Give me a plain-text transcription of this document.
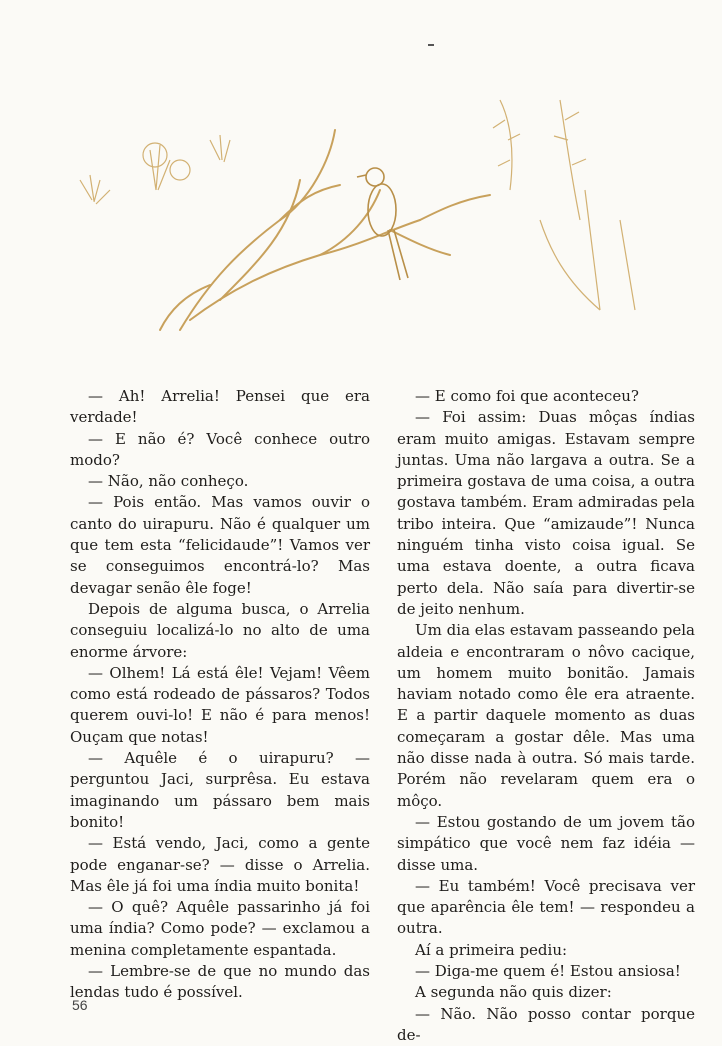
— Ah! Arrelia! Pensei que era verdade!

— E não é? Você conhece outro modo?

— Não, não conheço.

— Pois então. Mas vamos ouvir o canto do uirapuru. Não é qualquer um que tem esta “felicidaude”! Vamos ver se conseguimos encontrá-lo? Mas devagar senão êle foge!

Depois de alguma busca, o Arrelia conseguiu localizá-lo no alto de uma enorme árvore:

— Olhem! Lá está êle! Vejam! Vêem como está rodeado de pássaros? Todos querem ouvi-lo! E não é para menos! Ouçam que notas!

— Aquêle é o uirapuru? — perguntou Jaci, surprêsa. Eu estava imaginando um pássaro bem mais bonito!

— Está vendo, Jaci, como a gente pode enganar-se? — disse o Arrelia. Mas êle já foi uma índia muito bonita!

— O quê? Aquêle passarinho já foi uma índia? Como pode? — exclamou a menina completamente espantada.

— Lembre-se de que no mundo das lendas tudo é possível.

— E como foi que aconteceu?

— Foi assim: Duas môças índias eram muito amigas. Estavam sempre juntas. Uma não largava a outra. Se a primeira gostava de uma coisa, a outra gostava também. Eram admiradas pela tribo inteira. Que “amizaude”! Nunca ninguém tinha visto coisa igual. Se uma estava doente, a outra ficava perto dela. Não saía para divertir-se de jeito nenhum.

Um dia elas estavam passeando pela aldeia e encontraram o nôvo cacique, um homem muito bonitão. Jamais haviam notado como êle era atraente. E a partir daquele momento as duas começaram a gostar dêle. Mas uma não disse nada à outra. Só mais tarde. Porém não revelaram quem era o môço.

— Estou gostando de um jovem tão simpático que você nem faz idéia — disse uma.

— Eu também! Você precisava ver que aparência êle tem! — respondeu a outra.

Aí a primeira pediu:

— Diga-me quem é! Estou ansiosa!

A segunda não quis dizer:

— Não. Não posso contar porque de-

56
